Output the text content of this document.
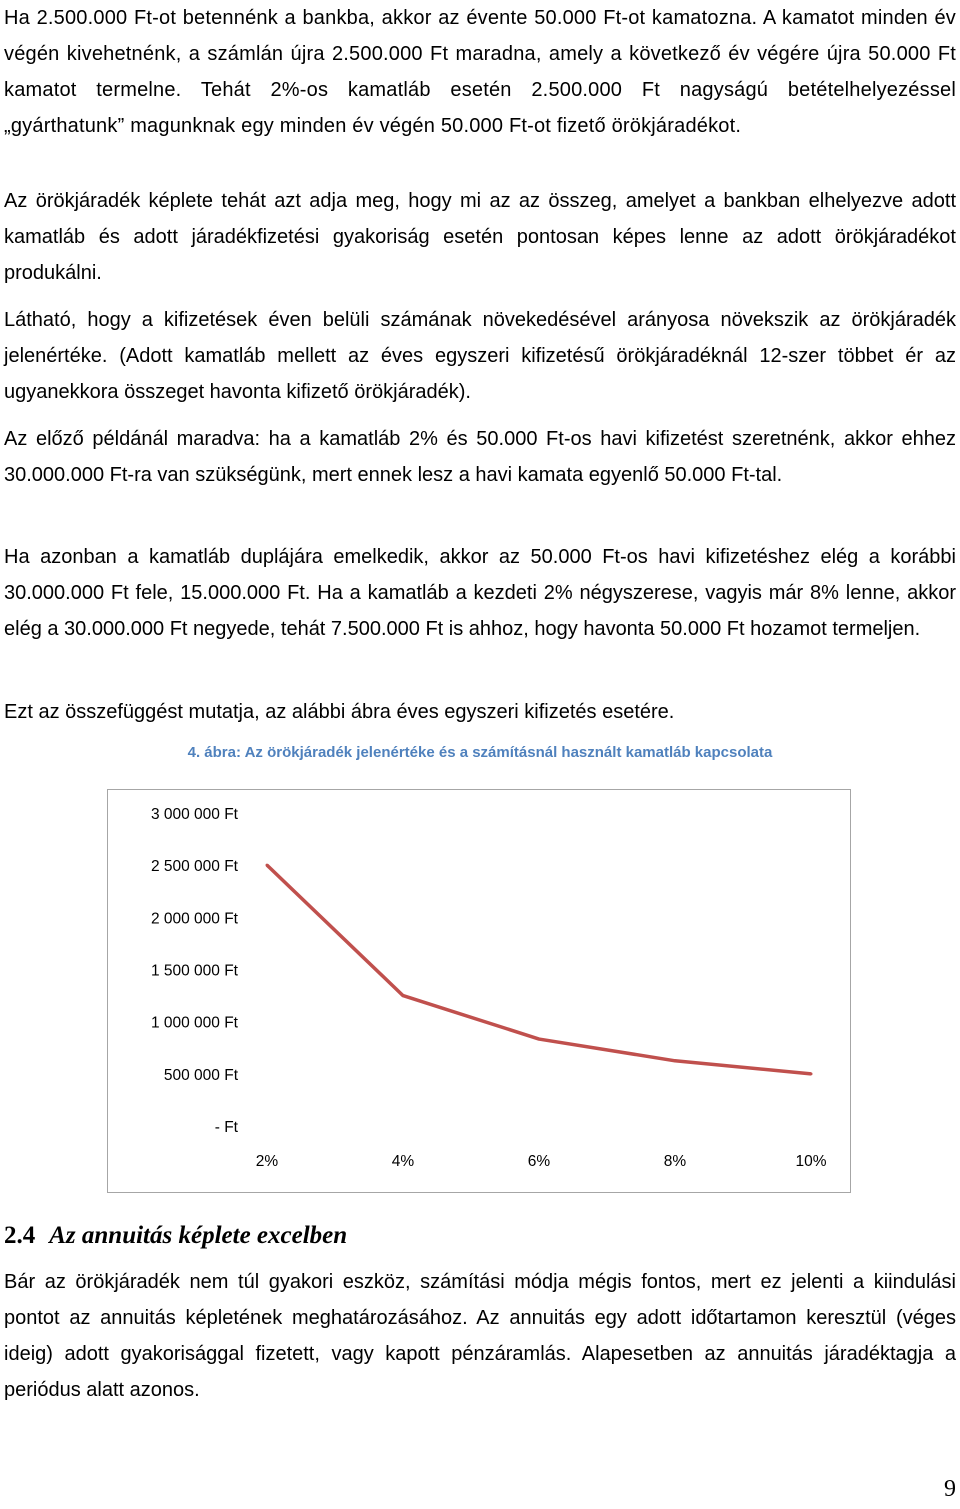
Ha 2.500.000 Ft-ot betennénk a bankba, akkor az évente 50.000 Ft-ot kamatozna. A kamatot minden év végén kivehetnénk, a számlán újra 2.500.000 Ft maradna, amely a következő év végére újra 50.000 Ft kamatot termelne. Tehát 2%-os kamatláb esetén 2.500.000 Ft nagyságú betételhelyezéssel „gyárthatunk” magunknak egy minden év végén 50.000 Ft-ot fizető örökjáradékot.

Az örökjáradék képlete tehát azt adja meg, hogy mi az az összeg, amelyet a bankban elhelyezve adott kamatláb és adott járadékfizetési gyakoriság esetén pontosan képes lenne az adott örökjáradékot produkálni.

Látható, hogy a kifizetések éven belüli számának növekedésével arányosa növekszik az örökjáradék jelenértéke. (Adott kamatláb mellett az éves egyszeri kifizetésű örökjáradéknál 12-szer többet ér az ugyanekkora összeget havonta kifizető örökjáradék).

Az előző példánál maradva: ha a kamatláb 2% és 50.000 Ft-os havi kifizetést szeretnénk, akkor ehhez 30.000.000 Ft-ra van szükségünk, mert ennek lesz a havi kamata egyenlő 50.000 Ft-tal.

Ha azonban a kamatláb duplájára emelkedik, akkor az 50.000 Ft-os havi kifizetéshez elég a korábbi 30.000.000 Ft fele, 15.000.000 Ft. Ha a kamatláb a kezdeti 2% négyszerese, vagyis már 8% lenne, akkor elég a 30.000.000 Ft negyede, tehát 7.500.000 Ft is ahhoz, hogy havonta 50.000 Ft hozamot termeljen.

Ezt az összefüggést mutatja, az alábbi ábra éves egyszeri kifizetés esetére.

4. ábra: Az örökjáradék jelenértéke és a számításnál használt kamatláb kapcsolata
3 000 000 Ft
2 500 000 Ft
2 000 000 Ft
1 500 000 Ft
1 000 000 Ft
500 000 Ft
- Ft
2%	4%	6%	8%	10%
2.4 Az annuitás képlete excelben

Bár az örökjáradék nem túl gyakori eszköz, számítási módja mégis fontos, mert ez jelenti a kiindulási pontot az annuitás képletének meghatározásához. Az annuitás egy adott időtartamon keresztül (véges ideig) adott gyakorisággal fizetett, vagy kapott pénzáramlás. Alapesetben az annuitás járadéktagja a periódus alatt azonos.

9
